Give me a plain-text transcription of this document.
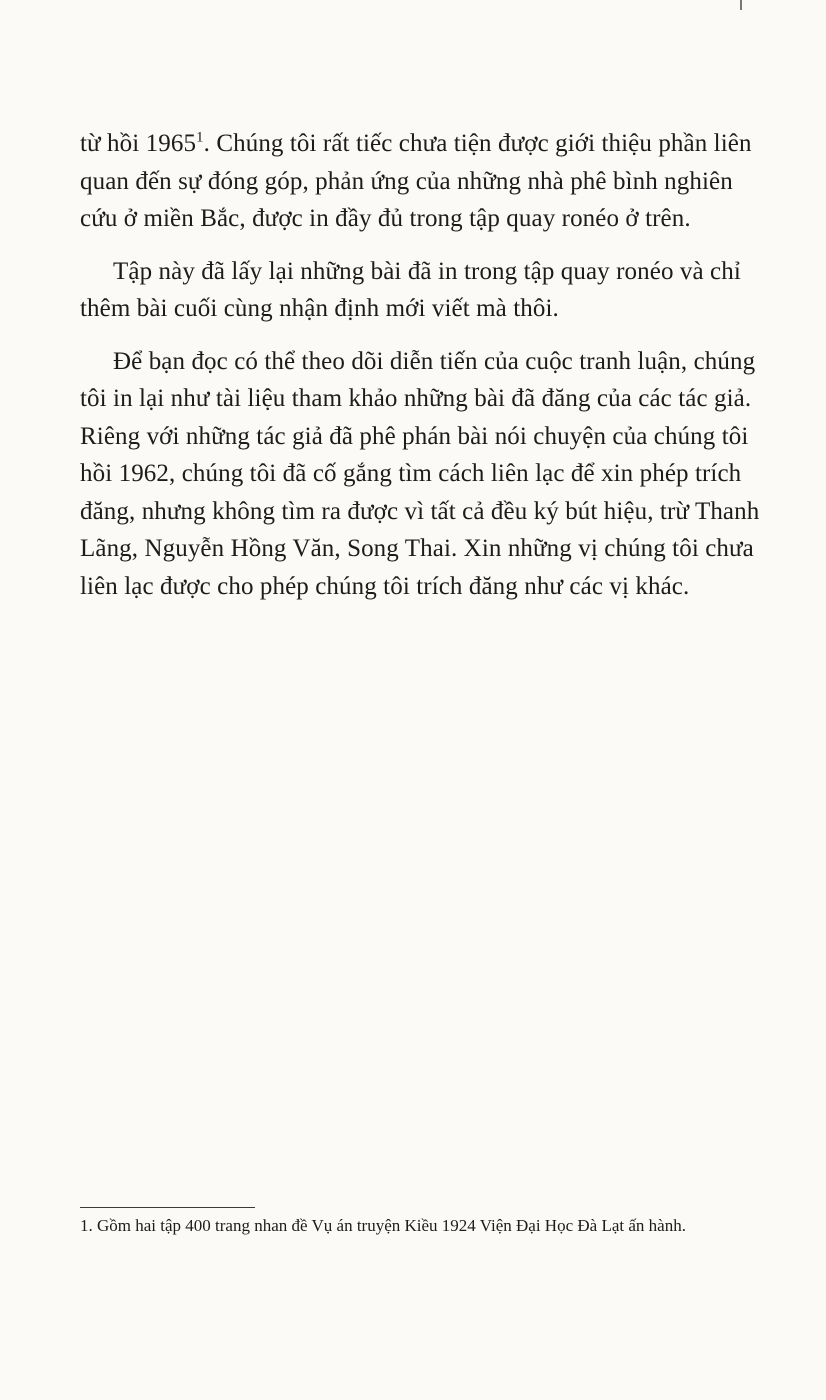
từ hồi 1965$^1$. Chúng tôi rất tiếc chưa tiện được giới thiệu phần liên quan đến sự đóng góp, phản ứng của những nhà phê bình nghiên cứu ở miền Bắc, được in đầy đủ trong tập quay ronéo ở trên.

Tập này đã lấy lại những bài đã in trong tập quay ronéo và chỉ thêm bài cuối cùng nhận định mới viết mà thôi.

Để bạn đọc có thể theo dõi diễn tiến của cuộc tranh luận, chúng tôi in lại như tài liệu tham khảo những bài đã đăng của các tác giả. Riêng với những tác giả đã phê phán bài nói chuyện của chúng tôi hồi 1962, chúng tôi đã cố gắng tìm cách liên lạc để xin phép trích đăng, nhưng không tìm ra được vì tất cả đều ký bút hiệu, trừ Thanh Lãng, Nguyễn Hồng Văn, Song Thai. Xin những vị chúng tôi chưa liên lạc được cho phép chúng tôi trích đăng như các vị khác.

1. Gồm hai tập 400 trang nhan đề Vụ án truyện Kiều 1924 Viện Đại Học Đà Lạt ấn hành.
